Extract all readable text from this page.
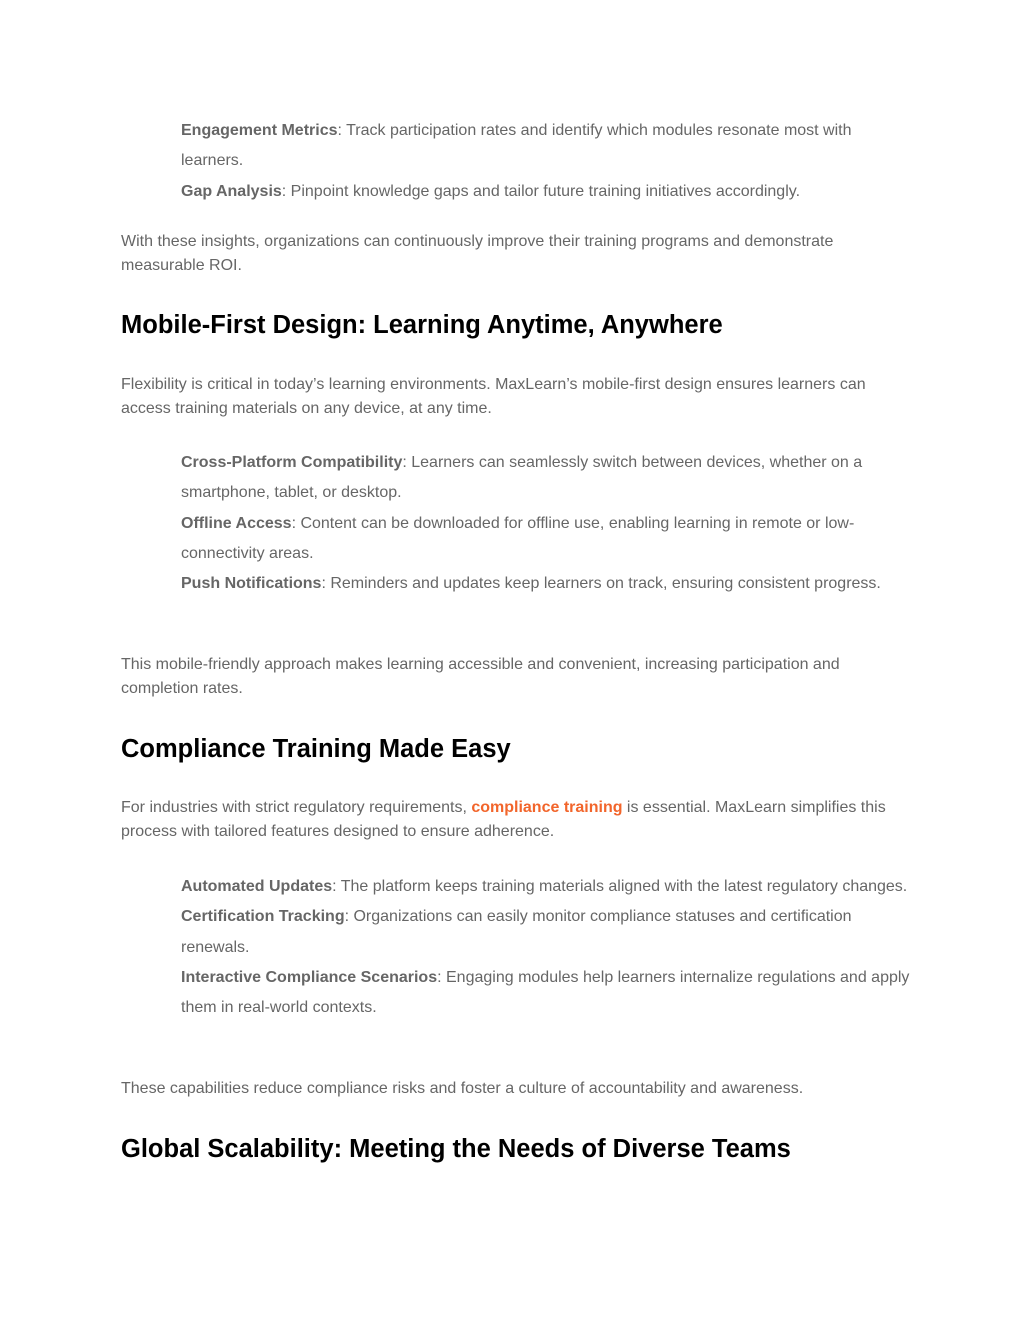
Engagement Metrics: Track participation rates and identify which modules resonate most with learners.
Gap Analysis: Pinpoint knowledge gaps and tailor future training initiatives accordingly.

With these insights, organizations can continuously improve their training programs and demonstrate measurable ROI.

Mobile-First Design: Learning Anytime, Anywhere

Flexibility is critical in today’s learning environments. MaxLearn’s mobile-first design ensures learners can access training materials on any device, at any time.

Cross-Platform Compatibility: Learners can seamlessly switch between devices, whether on a smartphone, tablet, or desktop.
Offline Access: Content can be downloaded for offline use, enabling learning in remote or low-connectivity areas.
Push Notifications: Reminders and updates keep learners on track, ensuring consistent progress.

This mobile-friendly approach makes learning accessible and convenient, increasing participation and completion rates.

Compliance Training Made Easy

For industries with strict regulatory requirements, compliance training is essential. MaxLearn simplifies this process with tailored features designed to ensure adherence.

Automated Updates: The platform keeps training materials aligned with the latest regulatory changes.
Certification Tracking: Organizations can easily monitor compliance statuses and certification renewals.
Interactive Compliance Scenarios: Engaging modules help learners internalize regulations and apply them in real-world contexts.

These capabilities reduce compliance risks and foster a culture of accountability and awareness.

Global Scalability: Meeting the Needs of Diverse Teams
